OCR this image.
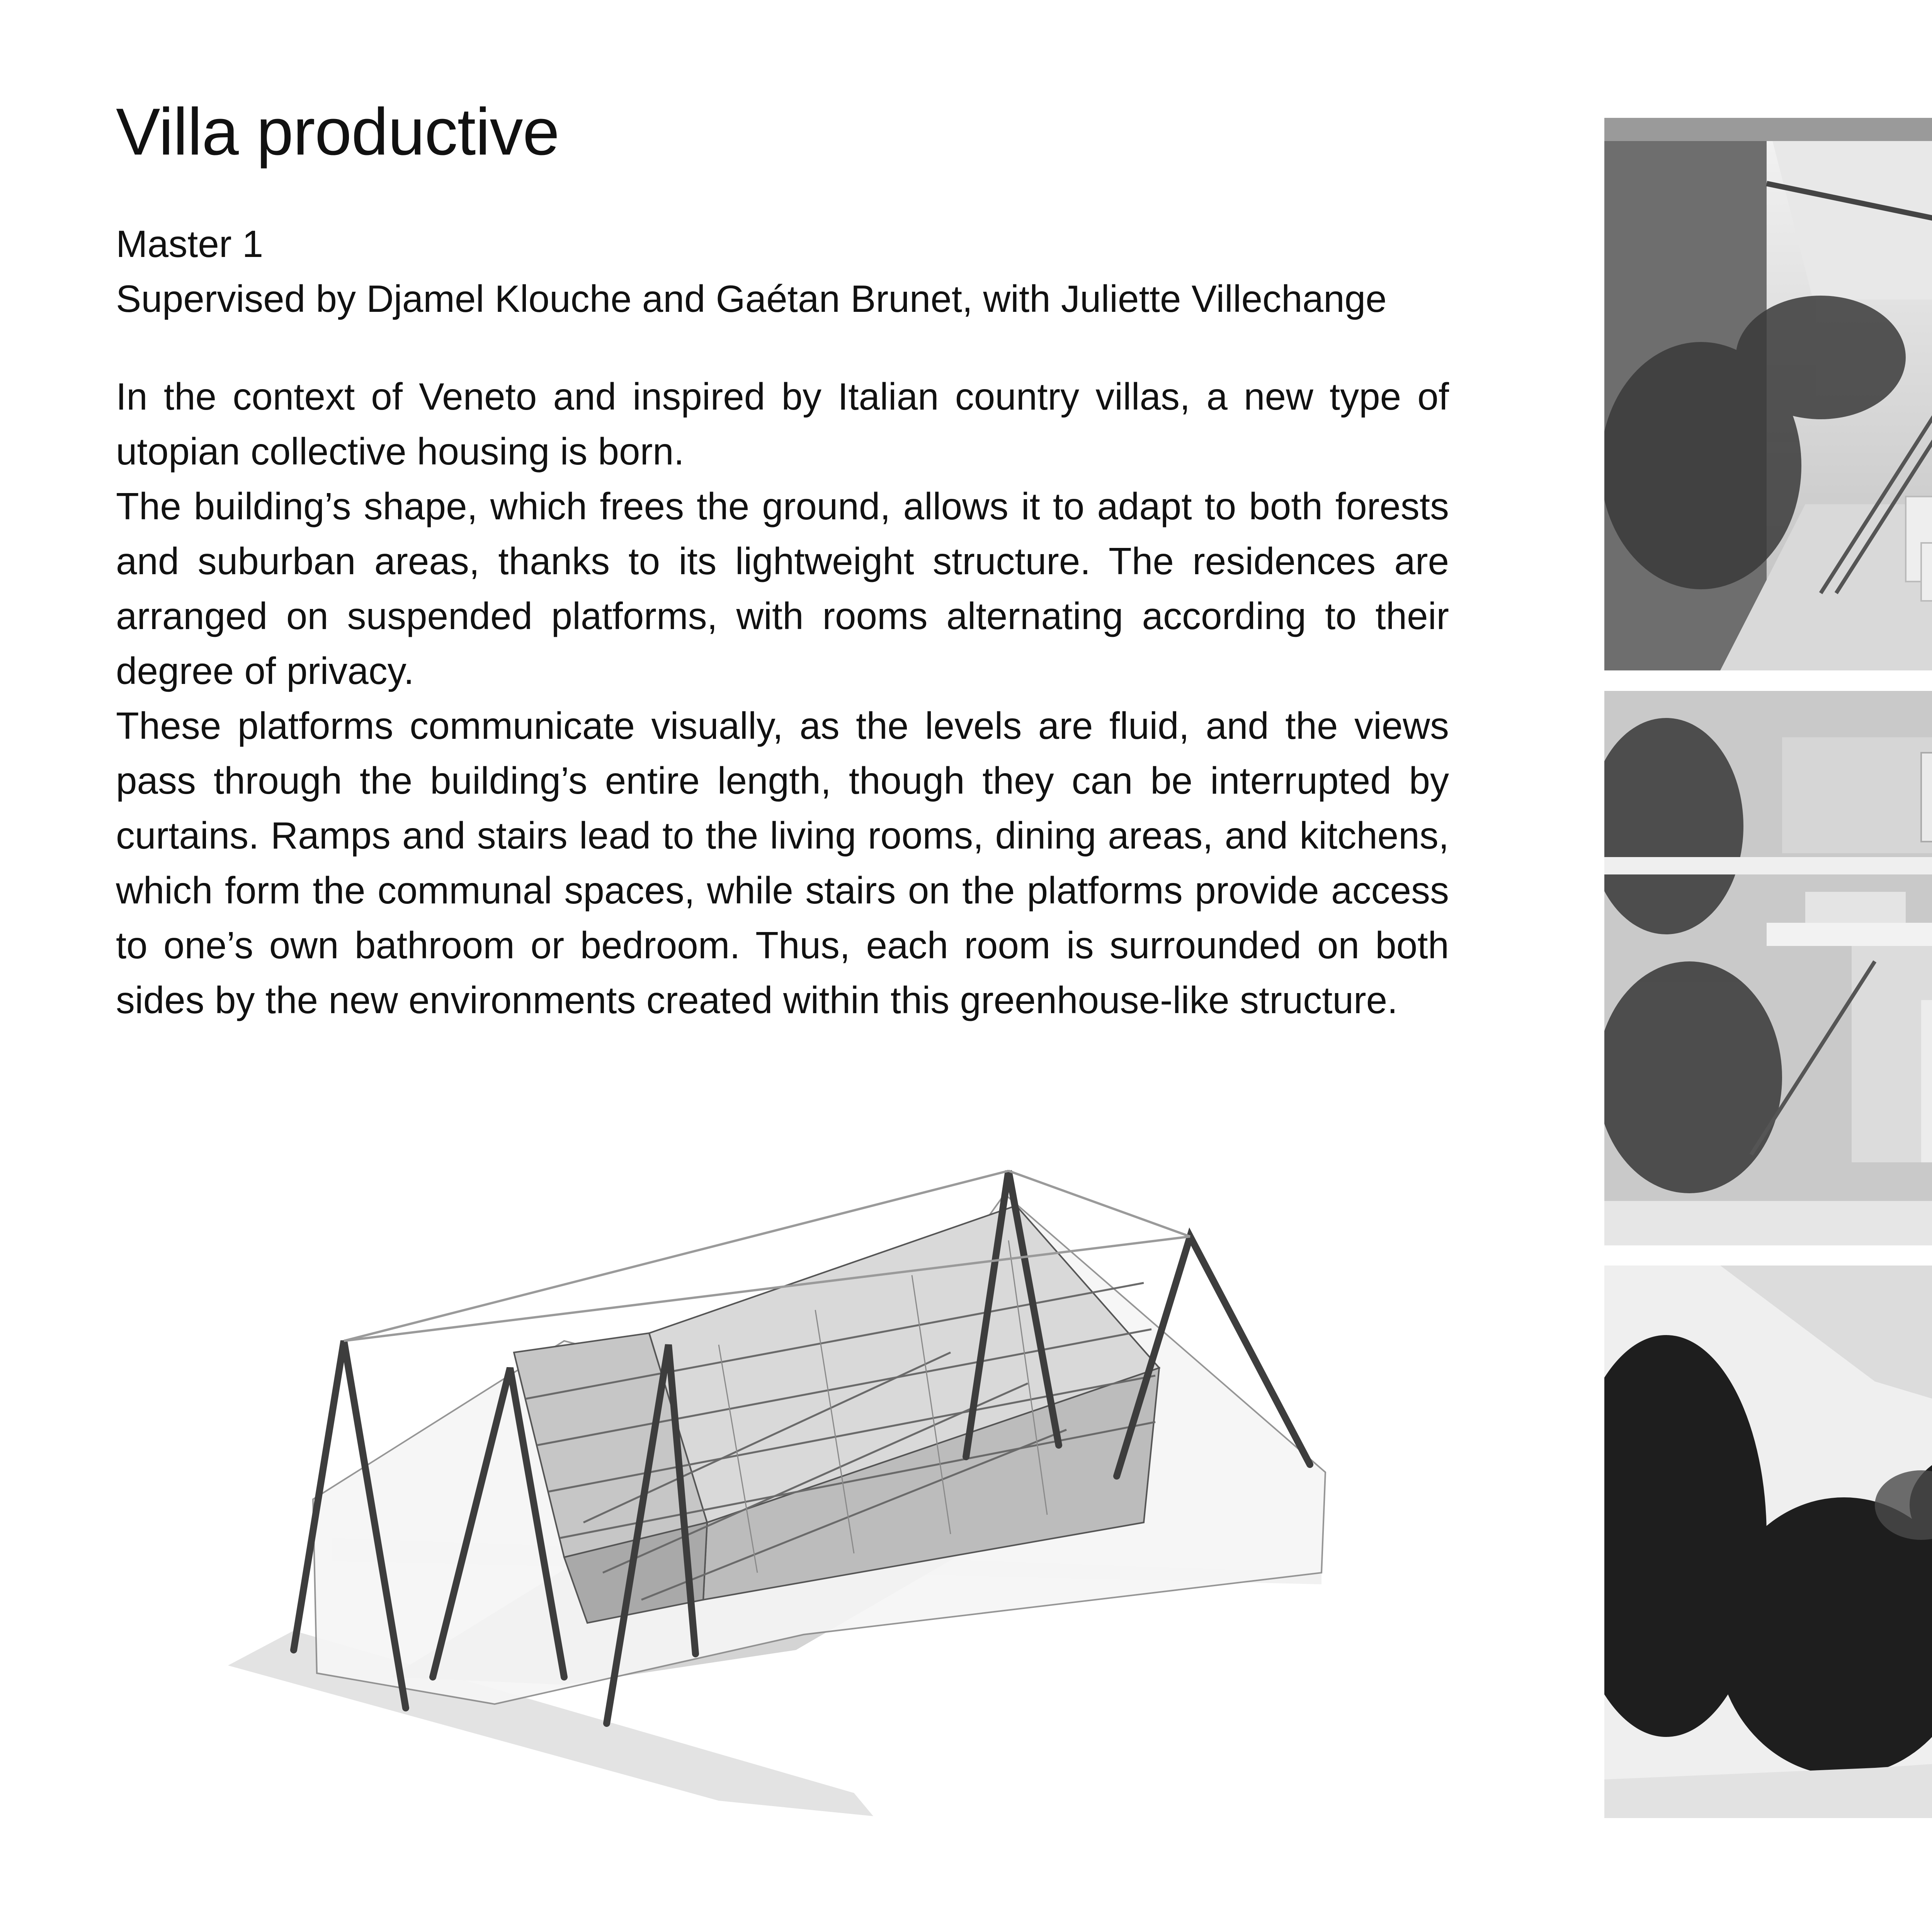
Villa productive
Master 1
Supervised by Djamel Klouche and Gaétan Brunet, with Juliette Villechange

In the context of Veneto and inspired by Italian country villas, a new type of utopian collective housing is born.

The building’s shape, which frees the ground, allows it to adapt to both forests and suburban areas, thanks to its lightweight structure. The residences are arranged on suspended platforms, with rooms alternating according to their degree of privacy.

These platforms communicate visually, as the levels are fluid, and the views pass through the building’s entire length, though they can be interrupted by curtains. Ramps and stairs lead to the living rooms, dining areas, and kitchens, which form the communal spaces, while stairs on the platforms provide access to one’s own bathroom or bedroom. Thus, each room is surrounded on both sides by the new environments created within this greenhouse-like structure.
